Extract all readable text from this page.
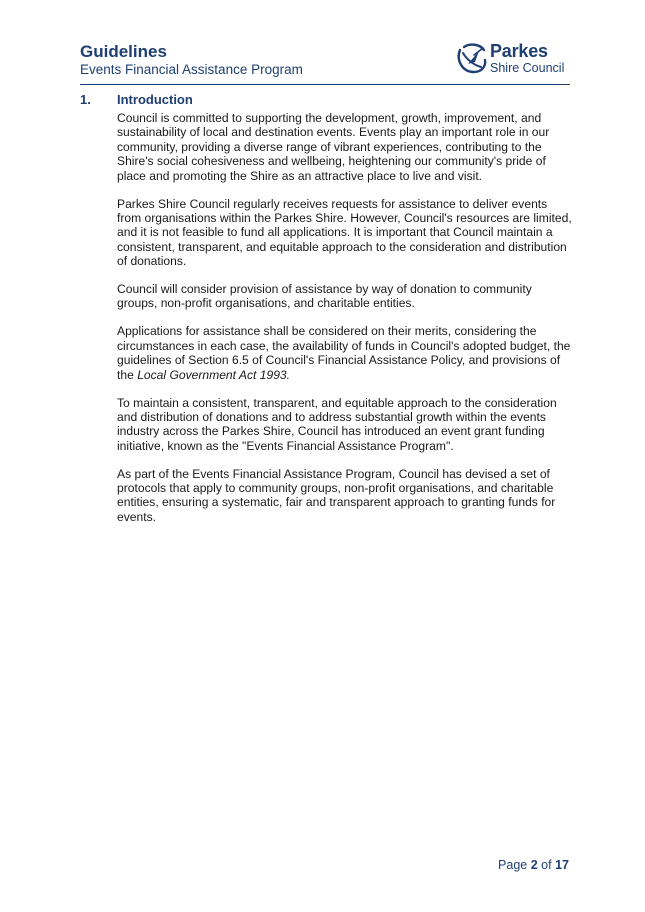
Guidelines
Events Financial Assistance Program
Parkes
Shire Council
1. Introduction

Council is committed to supporting the development, growth, improvement, and sustainability of local and destination events. Events play an important role in our community, providing a diverse range of vibrant experiences, contributing to the Shire's social cohesiveness and wellbeing, heightening our community's pride of place and promoting the Shire as an attractive place to live and visit.

Parkes Shire Council regularly receives requests for assistance to deliver events from organisations within the Parkes Shire. However, Council's resources are limited, and it is not feasible to fund all applications. It is important that Council maintain a consistent, transparent, and equitable approach to the consideration and distribution of donations.

Council will consider provision of assistance by way of donation to community groups, non-profit organisations, and charitable entities.

Applications for assistance shall be considered on their merits, considering the circumstances in each case, the availability of funds in Council's adopted budget, the guidelines of Section 6.5 of Council's Financial Assistance Policy, and provisions of the Local Government Act 1993.

To maintain a consistent, transparent, and equitable approach to the consideration and distribution of donations and to address substantial growth within the events industry across the Parkes Shire, Council has introduced an event grant funding initiative, known as the "Events Financial Assistance Program".

As part of the Events Financial Assistance Program, Council has devised a set of protocols that apply to community groups, non-profit organisations, and charitable entities, ensuring a systematic, fair and transparent approach to granting funds for events.

Page 2 of 17
